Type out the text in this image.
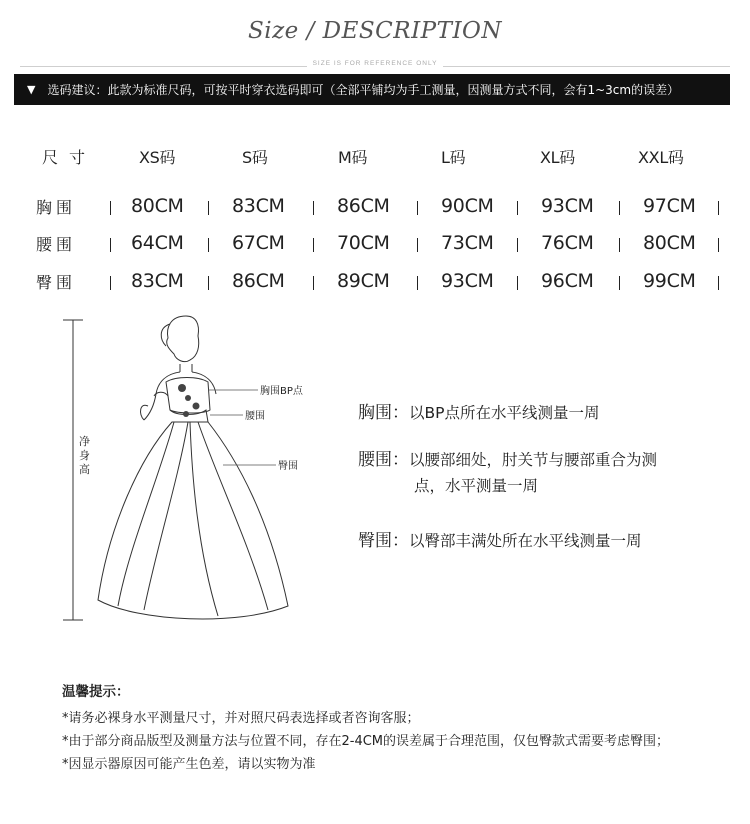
Size / DESCRIPTION
SIZE IS FOR REFERENCE ONLY
▼ 选码建议：此款为标准尺码，可按平时穿衣选码即可（全部平铺均为手工测量，因测量方式不同，会有1~3cm的误差）
尺寸	XS码	S码	M码	L码	XL码	XXL码
胸围	80CM	83CM	86CM	90CM 93CM	97CM
腰围	64CM	67CM	70CM	73CM 76CM	80CM
臀围	83CM	86CM	89CM	93CM 96CM	99CM
净身高
胸围BP点
腰围
臀围
胸围：以BP点所在水平线测量一周
腰围：以腰部细处，肘关节与腰部重合为测
点，水平测量一周
臀围：以臀部丰满处所在水平线测量一周
温馨提示：
*请务必裸身水平测量尺寸，并对照尺码表选择或者咨询客服；
*由于部分商品版型及测量方法与位置不同，存在2-4CM的误差属于合理范围，仅包臀款式需要考虑臀围；
*因显示器原因可能产生色差，请以实物为准
